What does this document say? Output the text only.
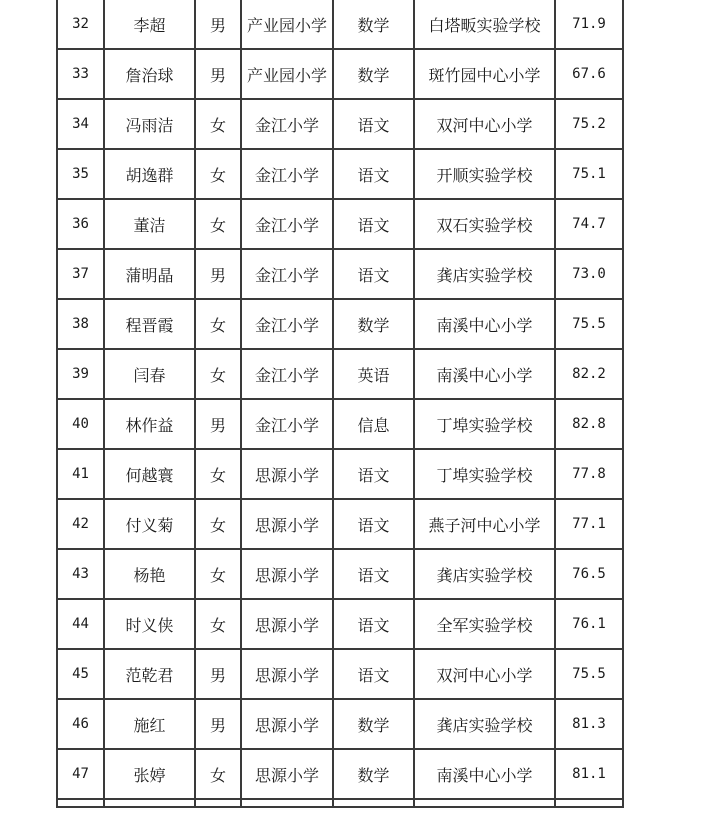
32	李超	男	产业园小学	数学	白塔畈实验学校	71.9
33	詹治球	男	产业园小学	数学	斑竹园中心小学	67.6
34	冯雨洁	女	金江小学	语文	双河中心小学	75.2
35	胡逸群	女	金江小学	语文	开顺实验学校	75.1
36	董洁	女	金江小学	语文	双石实验学校	74.7
37	蒲明晶	男	金江小学	语文	龚店实验学校	73.0
38	程晋霞	女	金江小学	数学	南溪中心小学	75.5
39	闫春	女	金江小学	英语	南溪中心小学	82.2
40	林作益	男	金江小学	信息	丁埠实验学校	82.8
41	何越寰	女	思源小学	语文	丁埠实验学校	77.8
42	付义菊	女	思源小学	语文	燕子河中心小学	77.1
43	杨艳	女	思源小学	语文	龚店实验学校	76.5
44	时义侠	女	思源小学	语文	全军实验学校	76.1
45	范乾君	男	思源小学	语文	双河中心小学	75.5
46	施红	男	思源小学	数学	龚店实验学校	81.3
47	张婷	女	思源小学	数学	南溪中心小学	81.1
